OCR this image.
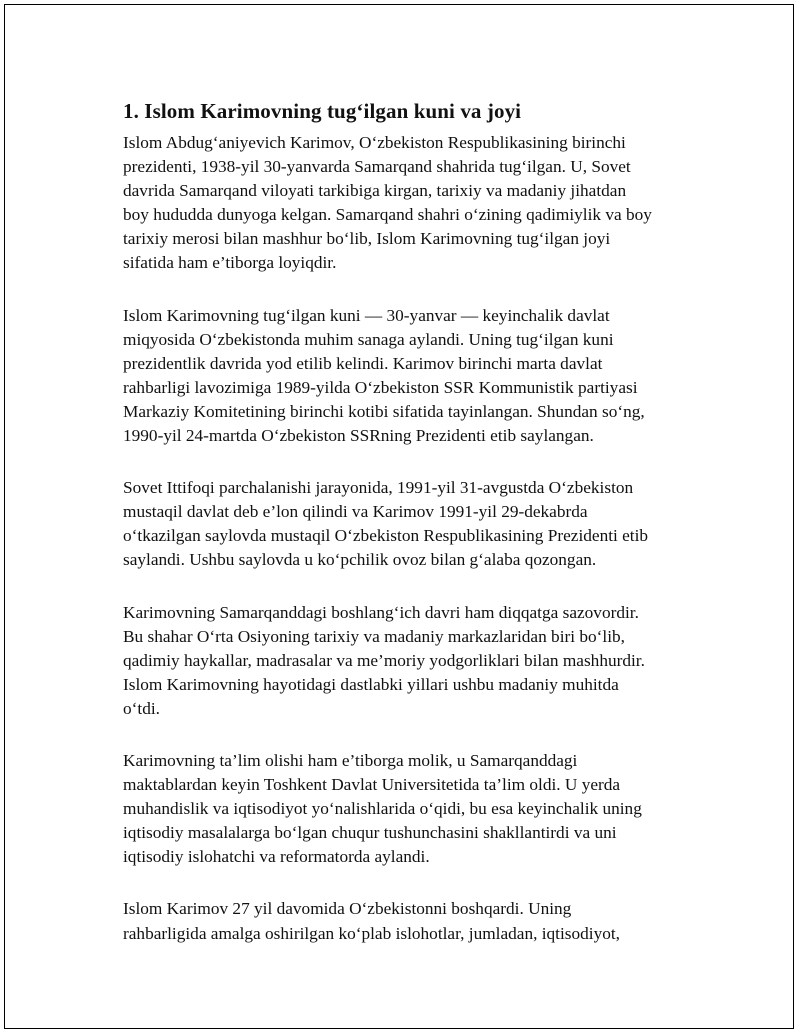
1. Islom Karimovning tug‘ilgan kuni va joyi

Islom Abdug‘aniyevich Karimov, O‘zbekiston Respublikasining birinchi
prezidenti, 1938-yil 30-yanvarda Samarqand shahrida tug‘ilgan. U, Sovet
davrida Samarqand viloyati tarkibiga kirgan, tarixiy va madaniy jihatdan
boy hududda dunyoga kelgan. Samarqand shahri o‘zining qadimiylik va boy
tarixiy merosi bilan mashhur bo‘lib, Islom Karimovning tug‘ilgan joyi
sifatida ham e’tiborga loyiqdir.

Islom Karimovning tug‘ilgan kuni — 30-yanvar — keyinchalik davlat
miqyosida O‘zbekistonda muhim sanaga aylandi. Uning tug‘ilgan kuni
prezidentlik davrida yod etilib kelindi. Karimov birinchi marta davlat
rahbarligi lavozimiga 1989-yilda O‘zbekiston SSR Kommunistik partiyasi
Markaziy Komitetining birinchi kotibi sifatida tayinlangan. Shundan so‘ng,
1990-yil 24-martda O‘zbekiston SSRning Prezidenti etib saylangan.

Sovet Ittifoqi parchalanishi jarayonida, 1991-yil 31-avgustda O‘zbekiston
mustaqil davlat deb e’lon qilindi va Karimov 1991-yil 29-dekabrda
o‘tkazilgan saylovda mustaqil O‘zbekiston Respublikasining Prezidenti etib
saylandi. Ushbu saylovda u ko‘pchilik ovoz bilan g‘alaba qozongan.

Karimovning Samarqanddagi boshlang‘ich davri ham diqqatga sazovordir.
Bu shahar O‘rta Osiyoning tarixiy va madaniy markazlaridan biri bo‘lib,
qadimiy haykallar, madrasalar va me’moriy yodgorliklari bilan mashhurdir.
Islom Karimovning hayotidagi dastlabki yillari ushbu madaniy muhitda
o‘tdi.

Karimovning ta’lim olishi ham e’tiborga molik, u Samarqanddagi
maktablardan keyin Toshkent Davlat Universitetida ta’lim oldi. U yerda
muhandislik va iqtisodiyot yo‘nalishlarida o‘qidi, bu esa keyinchalik uning
iqtisodiy masalalarga bo‘lgan chuqur tushunchasini shakllantirdi va uni
iqtisodiy islohatchi va reformatorda aylandi.

Islom Karimov 27 yil davomida O‘zbekistonni boshqardi. Uning
rahbarligida amalga oshirilgan ko‘plab islohotlar, jumladan, iqtisodiyot,
